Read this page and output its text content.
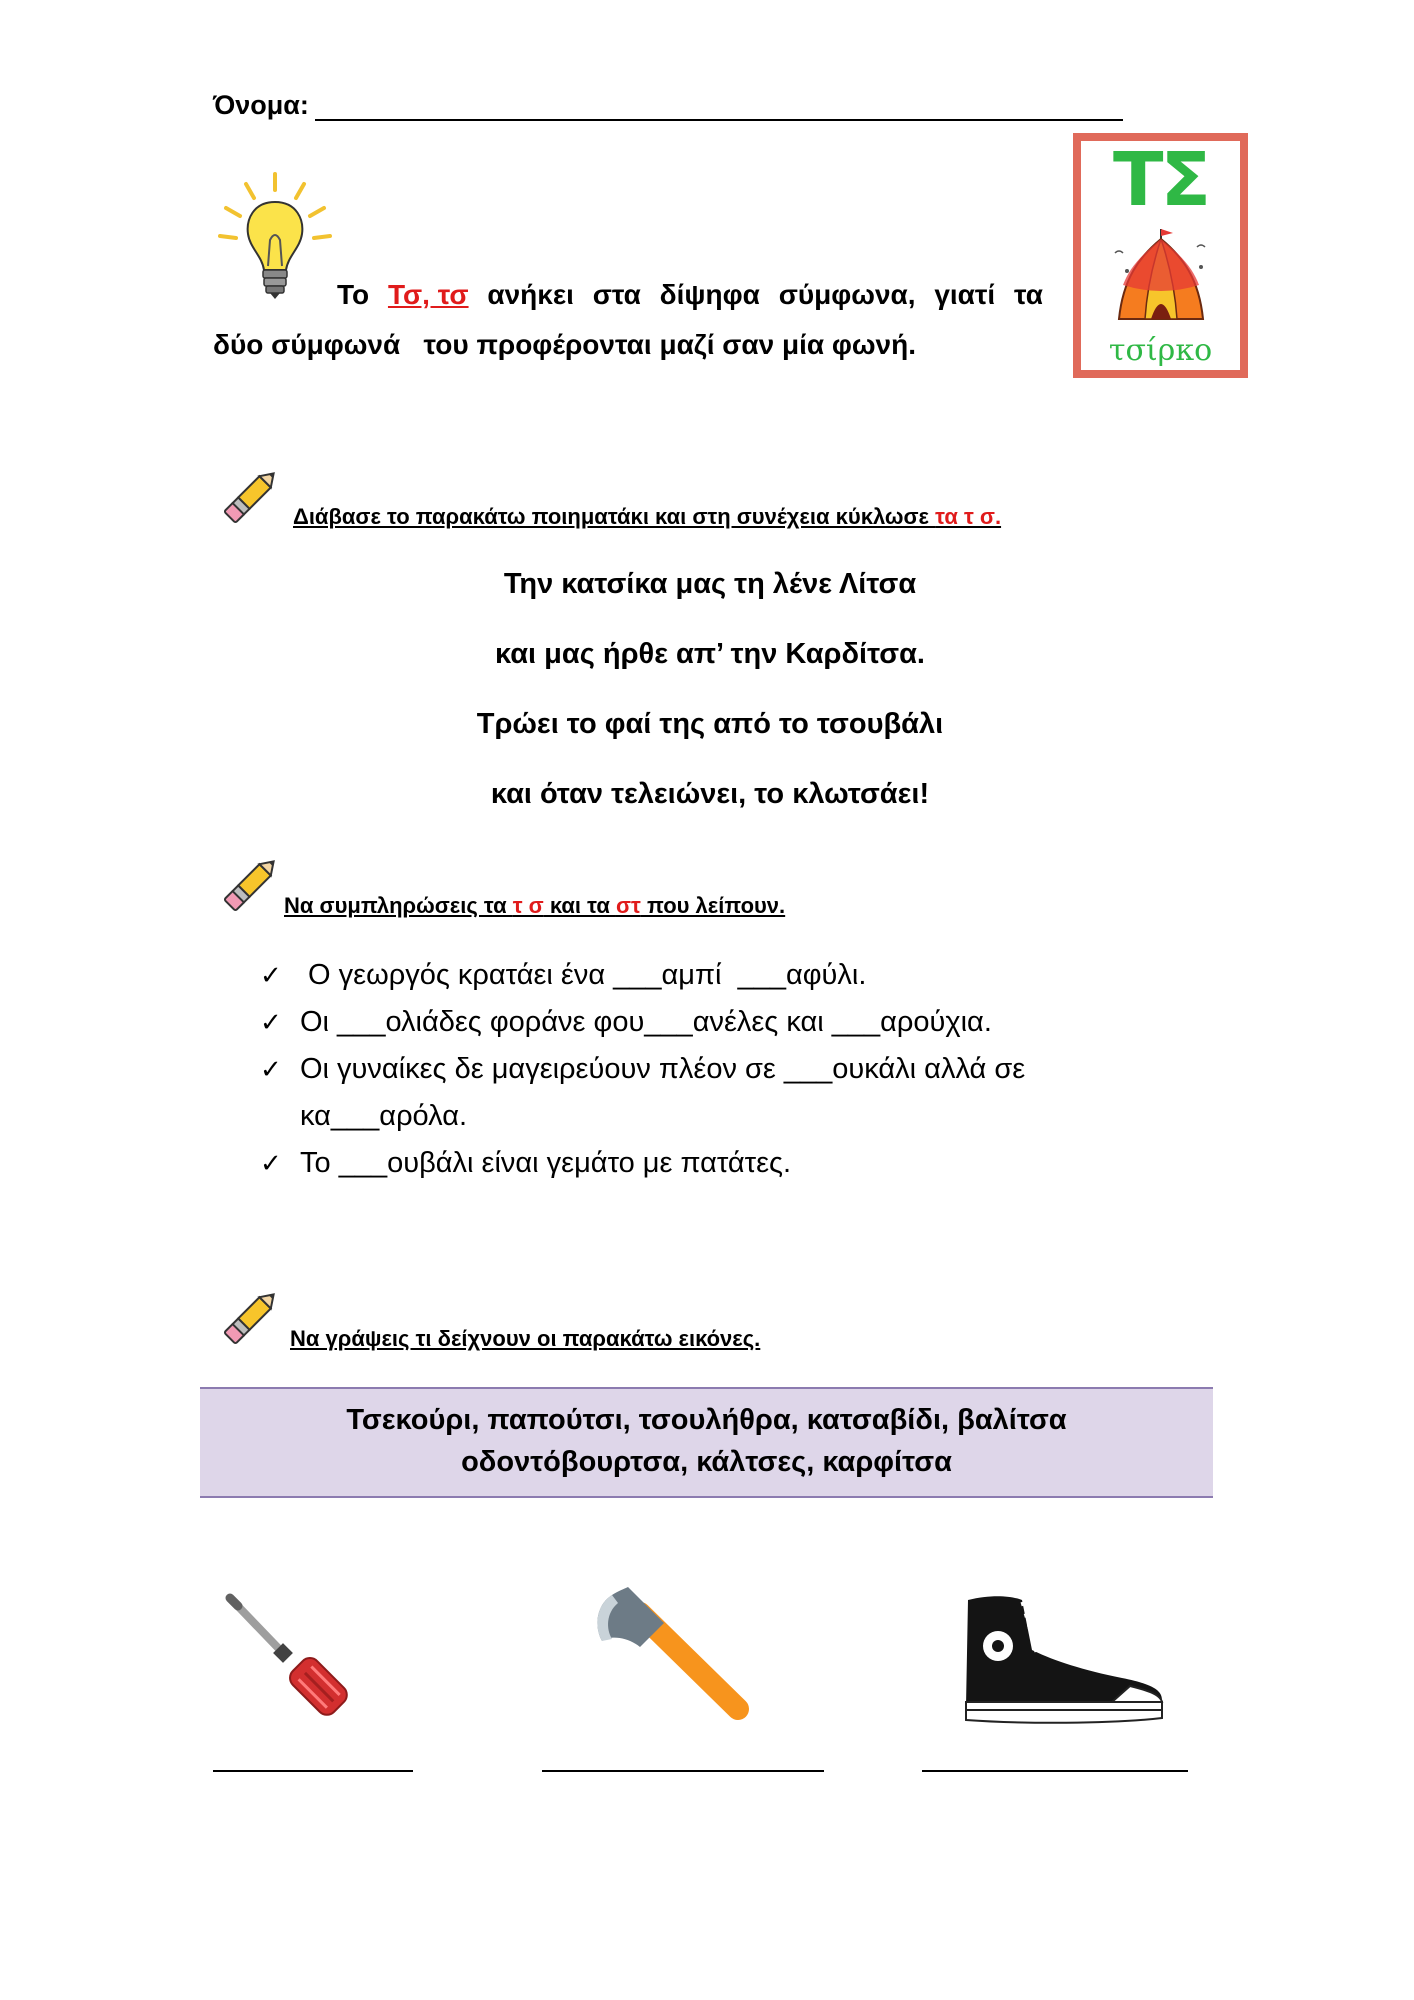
Όνομα:
Το Τσ, τσ ανήκει στα δίψηφα σύμφωνα, γιατί τα
δύο σύμφωνά   του προφέρονται μαζί σαν μία φωνή.
ΤΣ
τσίρκο
Διάβασε το παρακάτω ποιηματάκι και στη συνέχεια κύκλωσε τα τ σ.
Την κατσίκα μας τη λένε Λίτσα
και μας ήρθε απ’ την Καρδίτσα.
Τρώει το φαί της από το τσουβάλι
και όταν τελειώνει, το κλωτσάει!
Να συμπληρώσεις τα τ σ και τα στ που λείπουν.
✓ Ο γεωργός κρατάει ένα ___αμπί  ___αφύλι.
✓ Οι ___ολιάδες φοράνε φου___ανέλες και ___αρούχια.
✓ Οι γυναίκες δε μαγειρεύουν πλέον σε ___ουκάλι αλλά σε κα___αρόλα.
✓ Το ___ουβάλι είναι γεμάτο με πατάτες.
Να γράψεις τι δείχνουν οι παρακάτω εικόνες.
Τσεκούρι, παπούτσι, τσουλήθρα, κατσαβίδι, βαλίτσα
οδοντόβουρτσα, κάλτσες, καρφίτσα
